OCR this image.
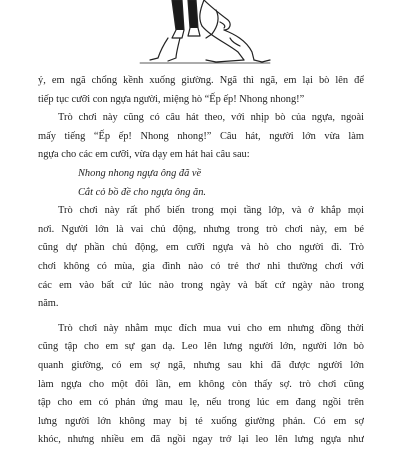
ý, em ngã chổng kềnh xuống giường. Ngã thì ngã, em lại bò lên để
tiếp tục cưỡi con ngựa người, miệng hò “Ếp ếp! Nhong nhong!”
Trò chơi này cũng có câu hát theo, với nhịp bò của ngựa, ngoài
mấy tiếng “Ếp ếp! Nhong nhong!” Câu hát, người lớn vừa làm
ngựa cho các em cưỡi, vừa dạy em hát hai câu sau:
Nhong nhong ngựa ông đã về
Cắt cỏ bồ đề cho ngựa ông ăn.
Trò chơi này rất phổ biến trong mọi tầng lớp, và ở khắp mọi
nơi. Người lớn là vai chủ động, nhưng trong trò chơi này, em bé
cũng dự phần chủ động, em cưỡi ngựa và hò cho người đi. Trò
chơi không có mùa, gia đình nào có trẻ thơ nhi thường chơi với
các em vào bất cứ lúc nào trong ngày và bất cứ ngày nào trong
năm.
Trò chơi này nhằm mục đích mua vui cho em nhưng đồng thời
cũng tập cho em sự gan dạ. Leo lên lưng người lớn, người lớn bò
quanh giường, có em sợ ngã, nhưng sau khi đã được người lớn
làm ngựa cho một đôi lần, em không còn thấy sợ. trò chơi cũng
tập cho em có phản ứng mau lẹ, nếu trong lúc em đang ngồi trên
lưng người lớn không may bị té xuống giường phản. Có em sợ
khóc, nhưng nhiều em đã ngồi ngay trở lại leo lên lưng ngựa như
